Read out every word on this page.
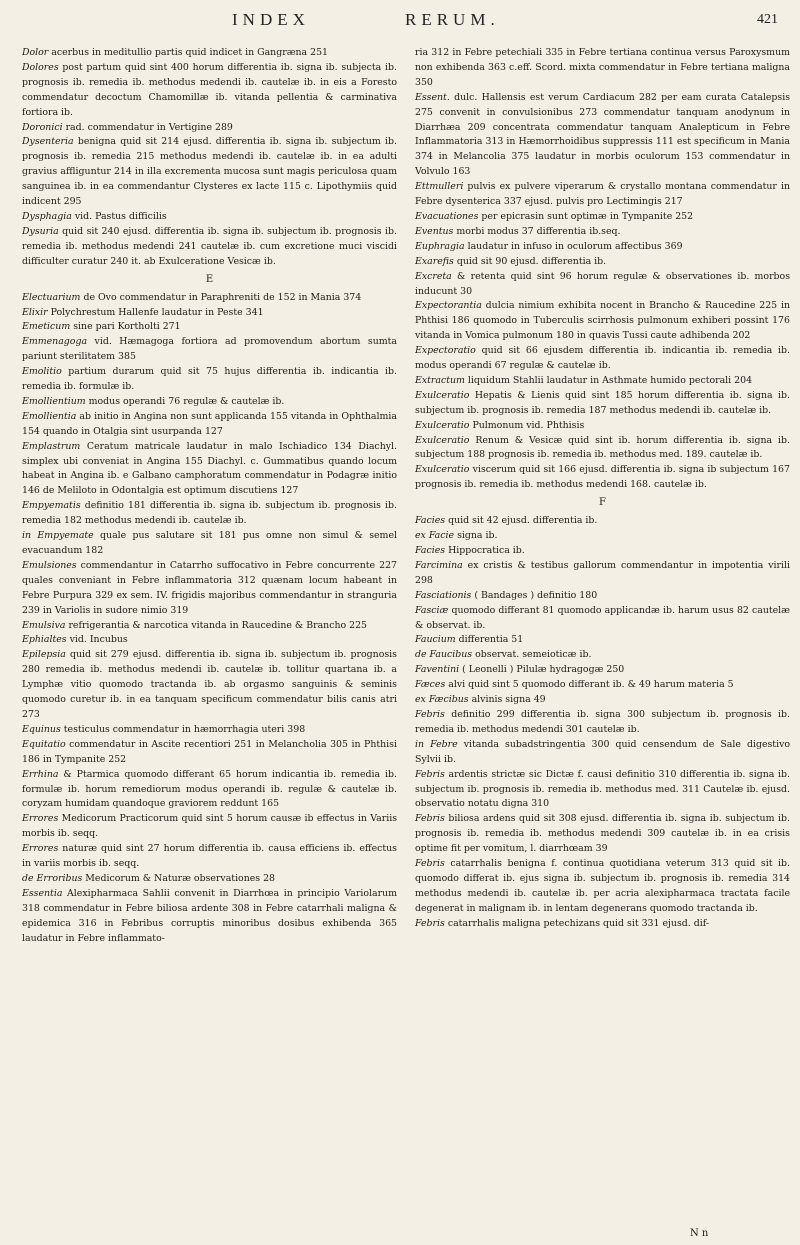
INDEX	RERUM.	421

Dolor acerbus in meditullio partis quid indicet in Gangræna 251

Dolores post partum quid sint 400 horum differentia ib. signa ib. subjecta ib. prognosis ib. remedia ib. methodus medendi ib. cautelæ ib. in eis a Foresto commendatur decoctum Chamomillæ ib. vitanda pellentia & carminativa fortiora ib.

Doronici rad. commendatur in Vertigine 289

Dysenteria benigna quid sit 214 ejusd. differentia ib. signa ib. subjectum ib. prognosis ib. remedia 215 methodus medendi ib. cautelæ ib. in ea adulti gravius affliguntur 214 in illa excrementa mucosa sunt magis periculosa quam sanguinea ib. in ea commendantur Clysteres ex lacte 115 c. Lipothymiis quid indicent 295

Dysphagia vid. Pastus difficilis

Dysuria quid sit 240 ejusd. differentia ib. signa ib. subjectum ib. prognosis ib. remedia ib. methodus medendi 241 cautelæ ib. cum excretione muci viscidi difficulter curatur 240 it. ab Exulceratione Vesicæ ib.

E

Electuarium de Ovo commendatur in Paraphreniti de 152 in Mania 374

Elixir Polychrestum Hallenfe laudatur in Peste 341

Emeticum sine pari Kortholti 271

Emmenagoga vid. Hæmagoga fortiora ad promovendum abortum sumta pariunt sterilitatem 385

Emolitio partium durarum quid sit 75 hujus differentia ib. indicantia ib. remedia ib. formulæ ib.

Emollientium modus operandi 76 regulæ & cautelæ ib.

Emollientia ab initio in Angina non sunt applicanda 155 vitanda in Ophthalmia 154 quando in Otalgia sint usurpanda 127

Emplastrum Ceratum matricale laudatur in malo Ischiadico 134 Diachyl. simplex ubi conveniat in Angina 155 Diachyl. c. Gummatibus quando locum habeat in Angina ib. e Galbano camphoratum commendatur in Podagræ initio 146 de Meliloto in Odontalgia est optimum discutiens 127

Empyematis definitio 181 differentia ib. signa ib. subjectum ib. prognosis ib. remedia 182 methodus medendi ib. cautelæ ib.

in Empyemate quale pus salutare sit 181 pus omne non simul & semel evacuandum 182

Emulsiones commendantur in Catarrho suffocativo in Febre concurrente 227 quales conveniant in Febre inflammatoria 312 quænam locum habeant in Febre Purpura 329 ex sem. IV. frigidis majoribus commendantur in stranguria 239 in Variolis in sudore nimio 319

Emulsiva refrigerantia & narcotica vitanda in Raucedine & Brancho 225

Ephialtes vid. Incubus

Epilepsia quid sit 279 ejusd. differentia ib. signa ib. subjectum ib. prognosis 280 remedia ib. methodus medendi ib. cautelæ ib. tollitur quartana ib. a Lymphæ vitio quomodo tractanda ib. ab orgasmo sanguinis & seminis quomodo curetur ib. in ea tanquam specificum commendatur bilis canis atri 273

Equinus testiculus commendatur in hæmorrhagia uteri 398

Equitatio commendatur in Ascite recentiori 251 in Melancholia 305 in Phthisi 186 in Tympanite 252

Errhina & Ptarmica quomodo differant 65 horum indicantia ib. remedia ib. formulæ ib. horum remediorum modus operandi ib. regulæ & cautelæ ib. coryzam humidam quandoque graviorem reddunt 165

Errores Medicorum Practicorum quid sint 5 horum causæ ib effectus in Variis morbis ib. seqq.

Errores naturæ quid sint 27 horum differentia ib. causa efficiens ib. effectus in variis morbis ib. seqq.

de Erroribus Medicorum & Naturæ observationes 28

Essentia Alexipharmaca Sahlii convenit in Diarrhœa in principio Variolarum 318 commendatur in Febre biliosa ardente 308 in Febre catarrhali maligna & epidemica 316 in Febribus corruptis minoribus dosibus exhibenda 365 laudatur in Febre inflammato-

ria 312 in Febre petechiali 335 in Febre tertiana continua versus Paroxysmum non exhibenda 363 c.eff. Scord. mixta commendatur in Febre tertiana maligna 350

Essent. dulc. Hallensis est verum Cardiacum 282 per eam curata Catalepsis 275 convenit in convulsionibus 273 commendatur tanquam anodynum in Diarrhæa 209 concentrata commendatur tanquam Analepticum in Febre Inflammatoria 313 in Hæmorrhoidibus suppressis 111 est specificum in Mania 374 in Melancolia 375 laudatur in morbis oculorum 153 commendatur in Volvulo 163

Ettmulleri pulvis ex pulvere viperarum & crystallo montana commendatur in Febre dysenterica 337 ejusd. pulvis pro Lectimingis 217

Evacuationes per epicrasin sunt optimæ in Tympanite 252

Eventus morbi modus 37 differentia ib.seq.

Euphragia laudatur in infuso in oculorum affectibus 369

Exarefis quid sit 90 ejusd. differentia ib.

Excreta & retenta quid sint 96 horum regulæ & observationes ib. morbos inducunt 30

Expectorantia dulcia nimium exhibita nocent in Brancho & Raucedine 225 in Phthisi 186 quomodo in Tuberculis scirrhosis pulmonum exhiberi possint 176 vitanda in Vomica pulmonum 180 in quavis Tussi caute adhibenda 202

Expectoratio quid sit 66 ejusdem differentia ib. indicantia ib. remedia ib. modus operandi 67 regulæ & cautelæ ib.

Extractum liquidum Stahlii laudatur in Asthmate humido pectorali 204

Exulceratio Hepatis & Lienis quid sint 185 horum differentia ib. signa ib. subjectum ib. prognosis ib. remedia 187 methodus medendi ib. cautelæ ib.

Exulceratio Pulmonum vid. Phthisis

Exulceratio Renum & Vesicæ quid sint ib. horum differentia ib. signa ib. subjectum 188 prognosis ib. remedia ib. methodus med. 189. cautelæ ib.

Exulceratio viscerum quid sit 166 ejusd. differentia ib. signa ib subjectum 167 prognosis ib. remedia ib. methodus medendi 168. cautelæ ib.

F

Facies quid sit 42 ejusd. differentia ib.

ex Facie signa ib.

Facies Hippocratica ib.

Farcimina ex cristis & testibus gallorum commendantur in impotentia virili 298

Fasciationis ( Bandages ) definitio 180

Fasciæ quomodo differant 81 quomodo applicandæ ib. harum usus 82 cautelæ & observat. ib.

Faucium differentia 51

de Faucibus observat. semeioticæ ib.

Faventini ( Leonelli ) Pilulæ hydragogæ 250

Fæces alvi quid sint 5 quomodo differant ib. & 49 harum materia 5

ex Fæcibus alvinis signa 49

Febris definitio 299 differentia ib. signa 300 subjectum ib. prognosis ib. remedia ib. methodus medendi 301 cautelæ ib.

in Febre vitanda subadstringentia 300 quid censendum de Sale digestivo Sylvii ib.

Febris ardentis strictæ sic Dictæ f. causi definitio 310 differentia ib. signa ib. subjectum ib. prognosis ib. remedia ib. methodus med. 311 Cautelæ ib. ejusd. observatio notatu digna 310

Febris biliosa ardens quid sit 308 ejusd. differentia ib. signa ib. subjectum ib. prognosis ib. remedia ib. methodus medendi 309 cautelæ ib. in ea crisis optime fit per vomitum, l. diarrhœam 39

Febris catarrhalis benigna f. continua quotidiana veterum 313 quid sit ib. quomodo differat ib. ejus signa ib. subjectum ib. prognosis ib. remedia 314 methodus medendi ib. cautelæ ib. per acria alexipharmaca tractata facile degenerat in malignam ib. in lentam degenerans quomodo tractanda ib.

Febris catarrhalis maligna petechizans quid sit 331 ejusd. dif-

N n
